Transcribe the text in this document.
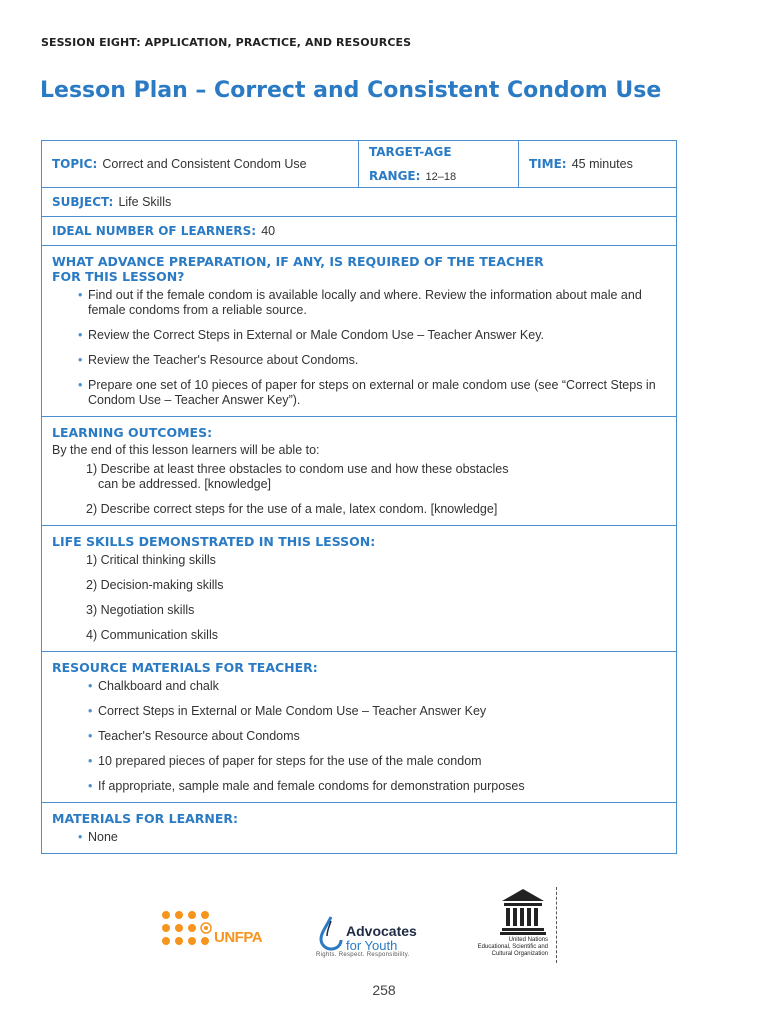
SESSION EIGHT: APPLICATION, PRACTICE, AND RESOURCES
Lesson Plan – Correct and Consistent Condom Use
TOPIC:
Correct and Consistent Condom Use
TARGET-AGE
RANGE: 12–18
TIME:
45 minutes
SUBJECT:
Life Skills
IDEAL NUMBER OF LEARNERS:
40
WHAT ADVANCE PREPARATION, IF ANY, IS REQUIRED OF THE TEACHER
FOR THIS LESSON?
• Find out if the female condom is available locally and where. Review the information about male and female condoms from a reliable source.
• Review the Correct Steps in External or Male Condom Use – Teacher Answer Key.
• Review the Teacher's Resource about Condoms.
• Prepare one set of 10 pieces of paper for steps on external or male condom use (see “Correct Steps in Condom Use – Teacher Answer Key”).
LEARNING OUTCOMES:
By the end of this lesson learners will be able to:
1) Describe at least three obstacles to condom use and how these obstacles can be addressed. [knowledge]
2) Describe correct steps for the use of a male, latex condom. [knowledge]
LIFE SKILLS DEMONSTRATED IN THIS LESSON:
1) Critical thinking skills
2) Decision-making skills
3) Negotiation skills
4) Communication skills
RESOURCE MATERIALS FOR TEACHER:
• Chalkboard and chalk
• Correct Steps in External or Male Condom Use – Teacher Answer Key
• Teacher's Resource about Condoms
• 10 prepared pieces of paper for steps for the use of the male condom
• If appropriate, sample male and female condoms for demonstration purposes
MATERIALS FOR LEARNER:
• None
UNFPA	Advocates
for Youth
Rights. Respect. Responsibility.
United Nations
Educational, Scientific and
Cultural Organization
258
